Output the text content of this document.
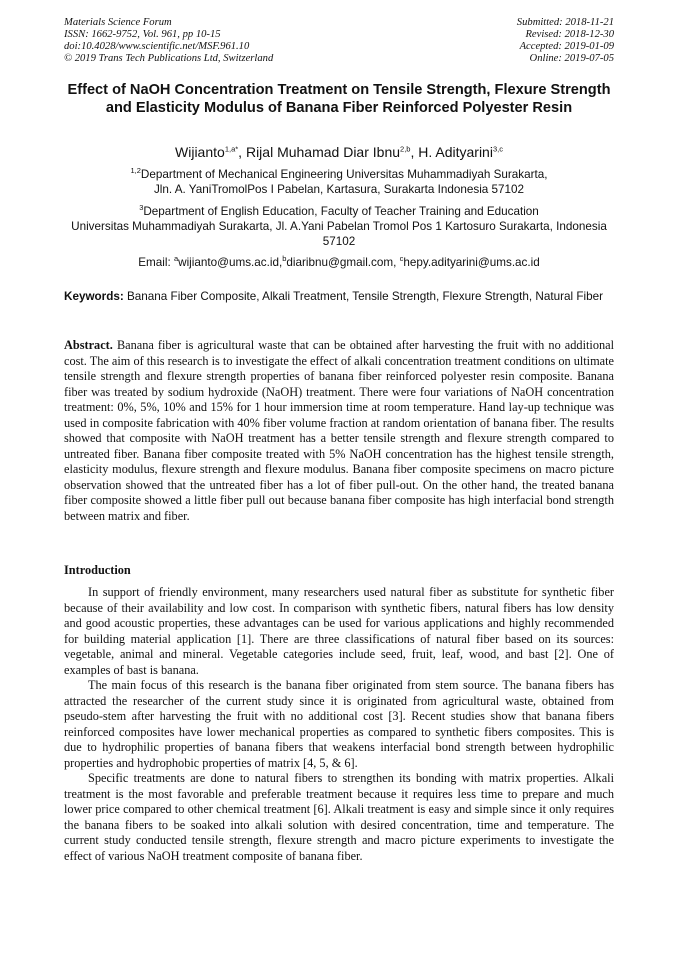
Materials Science Forum
ISSN: 1662-9752, Vol. 961, pp 10-15
doi:10.4028/www.scientific.net/MSF.961.10
© 2019 Trans Tech Publications Ltd, Switzerland
Submitted: 2018-11-21
Revised: 2018-12-30
Accepted: 2019-01-09
Online: 2019-07-05
Effect of NaOH Concentration Treatment on Tensile Strength, Flexure Strength and Elasticity Modulus of Banana Fiber Reinforced Polyester Resin
Wijianto$^{1,a*}$, Rijal Muhamad Diar Ibnu$^{2,b}$, H. Adityarini$^{3,c}$
$^{1,2}$Department of Mechanical Engineering Universitas Muhammadiyah Surakarta,
Jln. A. YaniTromolPos I Pabelan, Kartasura, Surakarta Indonesia 57102
$^3$Department of English Education, Faculty of Teacher Training and Education
Universitas Muhammadiyah Surakarta, Jl. A.Yani Pabelan Tromol Pos 1 Kartosuro Surakarta, Indonesia 57102
Email: $^a$wijianto@ums.ac.id,$^b$diaribnu@gmail.com, $^c$hepy.adityarini@ums.ac.id
Keywords: Banana Fiber Composite, Alkali Treatment, Tensile Strength, Flexure Strength, Natural Fiber
Abstract. Banana fiber is agricultural waste that can be obtained after harvesting the fruit with no additional cost. The aim of this research is to investigate the effect of alkali concentration treatment conditions on ultimate tensile strength and flexure strength properties of banana fiber reinforced polyester resin composite. Banana fiber was treated by sodium hydroxide (NaOH) treatment. There were four variations of NaOH concentration treatment: 0%, 5%, 10% and 15% for 1 hour immersion time at room temperature. Hand lay-up technique was used in composite fabrication with 40% fiber volume fraction at random orientation of banana fiber. The results showed that composite with NaOH treatment has a better tensile strength and flexure strength compared to untreated fiber. Banana fiber composite treated with 5% NaOH concentration has the highest tensile strength, elasticity modulus, flexure strength and flexure modulus. Banana fiber composite specimens on macro picture observation showed that the untreated fiber has a lot of fiber pull-out. On the other hand, the treated banana fiber composite showed a little fiber pull out because banana fiber composite has high interfacial bond strength between matrix and fiber.
Introduction

In support of friendly environment, many researchers used natural fiber as substitute for synthetic fiber because of their availability and low cost. In comparison with synthetic fibers, natural fibers has low density and good acoustic properties, these advantages can be used for various applications and highly recommended for building material application [1]. There are three classifications of natural fiber based on its sources: vegetable, animal and mineral. Vegetable categories include seed, fruit, leaf, wood, and bast [2]. One of examples of bast is banana.

The main focus of this research is the banana fiber originated from stem source. The banana fibers has attracted the researcher of the current study since it is originated from agricultural waste, obtained from pseudo-stem after harvesting the fruit with no additional cost [3]. Recent studies show that banana fibers reinforced composites have lower mechanical properties as compared to synthetic fibers composites. This is due to hydrophilic properties of banana fibers that weakens interfacial bond strength between hydrophilic properties and hydrophobic properties of matrix [4, 5, & 6].

Specific treatments are done to natural fibers to strengthen its bonding with matrix properties. Alkali treatment is the most favorable and preferable treatment because it requires less time to prepare and much lower price compared to other chemical treatment [6]. Alkali treatment is easy and simple since it only requires the banana fibers to be soaked into alkali solution with desired concentration, time and temperature. The current study conducted tensile strength, flexure strength and macro picture experiments to investigate the effect of various NaOH treatment composite of banana fiber.
